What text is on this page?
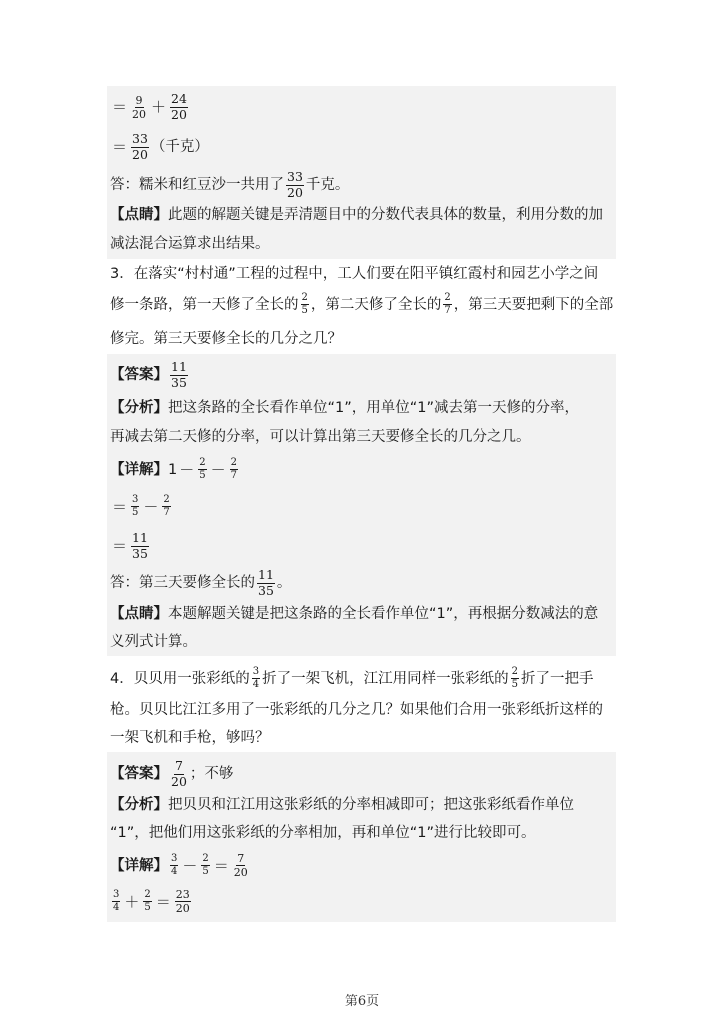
＝ $\frac{9}{20} + \frac{24}{20}$
＝ $\frac{33}{20}$ （千克）
答：糯米和红豆沙一共用了 $\frac{33}{20}$ 千克。
【点睛】此题的解题关键是弄清题目中的分数代表具体的数量，利用分数的加
减法混合运算求出结果。
3．在落实“村村通”工程的过程中，工人们要在阳平镇红霞村和园艺小学之间
修一条路，第一天修了全长的 $\frac{2}{5}$ ，第二天修了全长的 $\frac{2}{7}$ ，第三天要把剩下的全部
修完。第三天要修全长的几分之几？
【答案】 $\frac{11}{35}$
【分析】把这条路的全长看作单位“1”，用单位“1”减去第一天修的分率，
再减去第二天修的分率，可以计算出第三天要修全长的几分之几。
【详解】$1 - \frac{2}{5} - \frac{2}{7}$
＝ $\frac{3}{5} - \frac{2}{7}$
＝ $\frac{11}{35}$
答：第三天要修全长的 $\frac{11}{35}$ 。
【点睛】本题解题关键是把这条路的全长看作单位“1”，再根据分数减法的意
义列式计算。
4．贝贝用一张彩纸的 $\frac{3}{4}$ 折了一架飞机，江江用同样一张彩纸的 $\frac{2}{5}$ 折了一把手
枪。贝贝比江江多用了一张彩纸的几分之几？如果他们合用一张彩纸折这样的
一架飞机和手枪，够吗？
【答案】 $\frac{7}{20}$ ；不够
【分析】把贝贝和江江用这张彩纸的分率相减即可；把这张彩纸看作单位
“1”，把他们用这张彩纸的分率相加，再和单位“1”进行比较即可。
【详解】 $\frac{3}{4} - \frac{2}{5} = \frac{7}{20}$
$\frac{3}{4} + \frac{2}{5} = \frac{23}{20}$
第6页
